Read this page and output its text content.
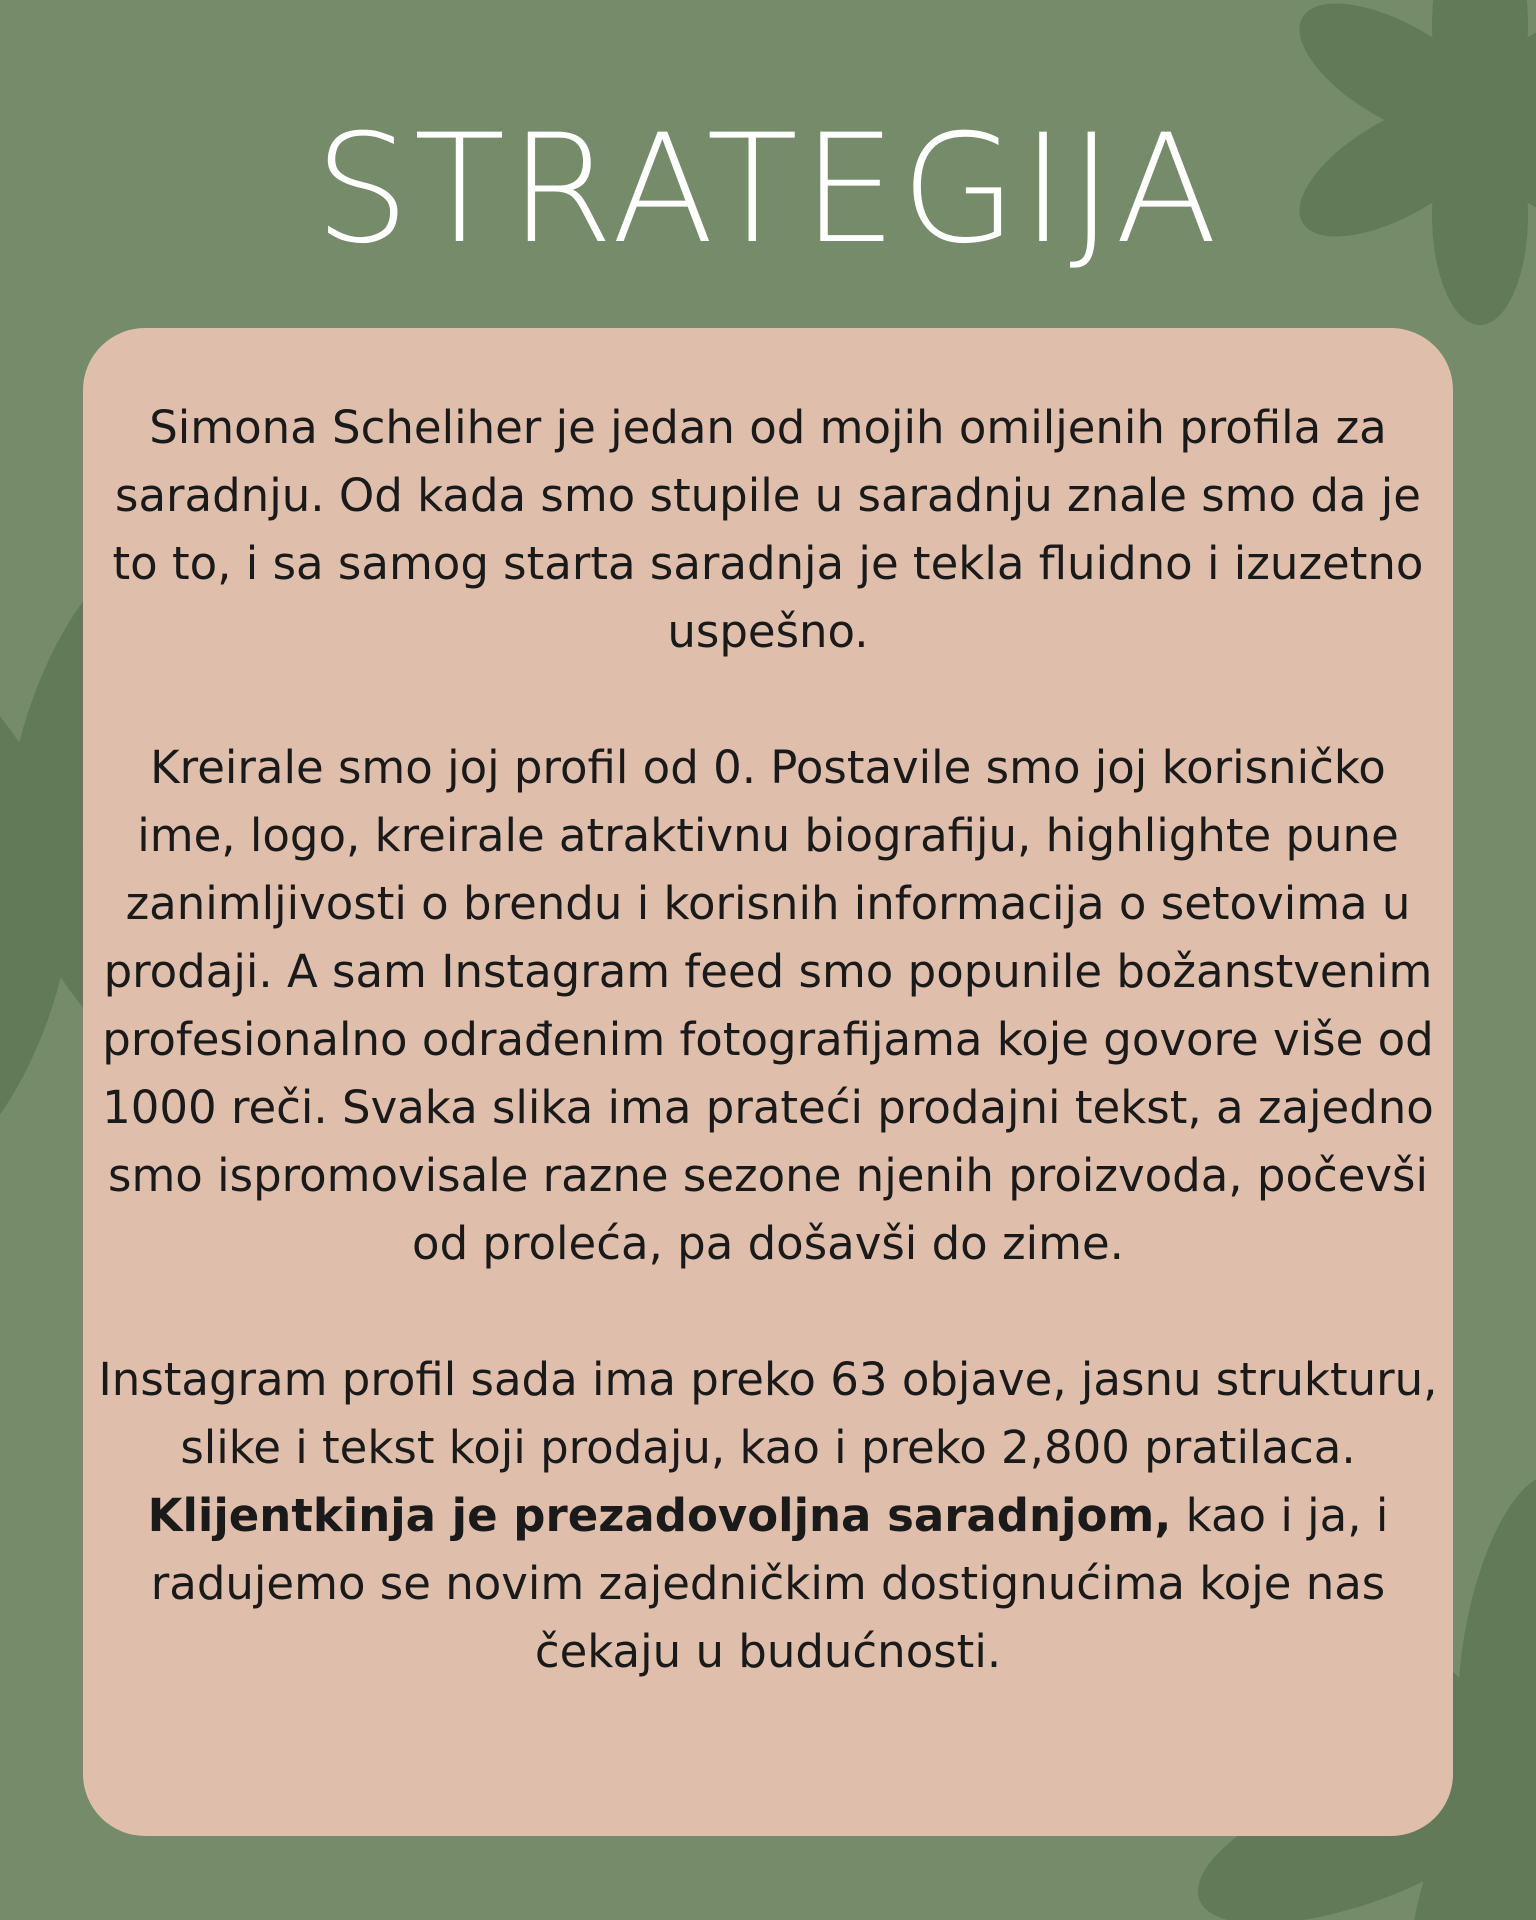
STRATEGIJA

Simona Scheliher je jedan od mojih omiljenih profila za saradnju. Od kada smo stupile u saradnju znale smo da je to to, i sa samog starta saradnja je tekla fluidno i izuzetno uspešno.

Kreirale smo joj profil od 0. Postavile smo joj korisničko ime, logo, kreirale atraktivnu biografiju, highlighte pune zanimljivosti o brendu i korisnih informacija o setovima u prodaji. A sam Instagram feed smo popunile božanstvenim profesionalno odrađenim fotografijama koje govore više od 1000 reči. Svaka slika ima prateći prodajni tekst, a zajedno smo ispromovisale razne sezone njenih proizvoda, počevši od proleća, pa došavši do zime.

Instagram profil sada ima preko 63 objave, jasnu strukturu, slike i tekst koji prodaju, kao i preko 2,800 pratilaca. Klijentkinja je prezadovoljna saradnjom, kao i ja, i radujemo se novim zajedničkim dostignućima koje nas čekaju u budućnosti.
